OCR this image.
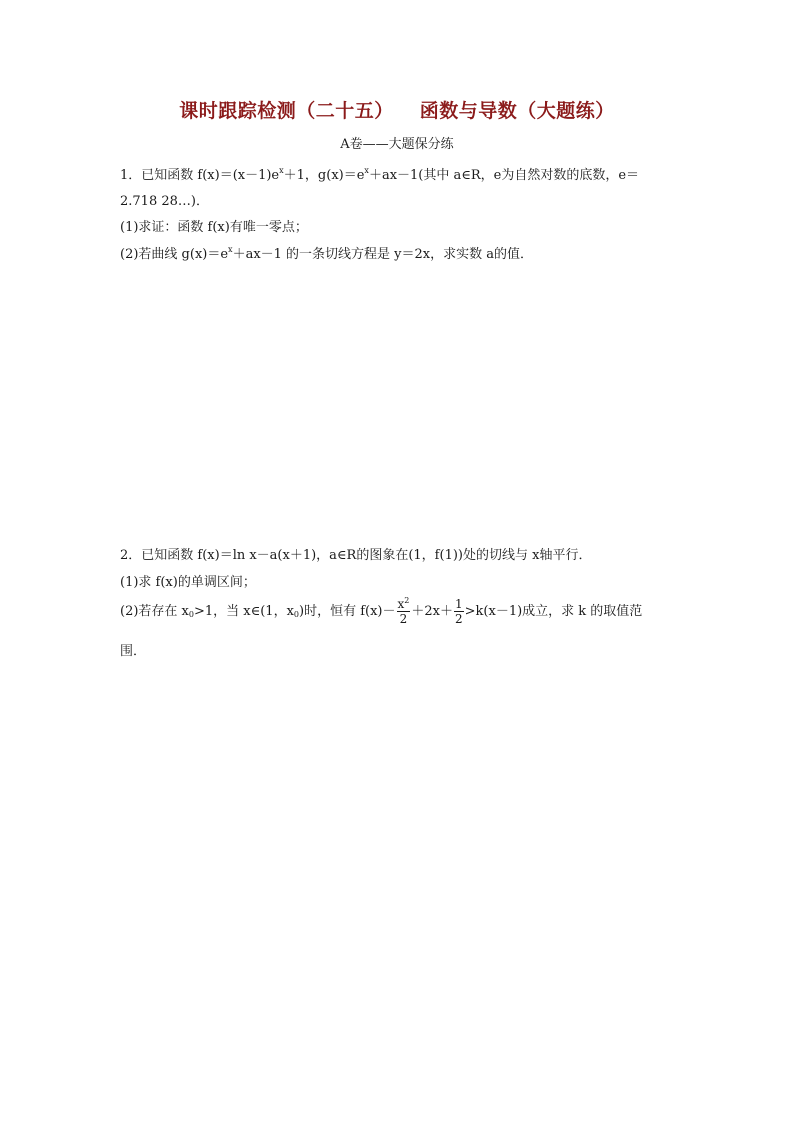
课时跟踪检测（二十五） 函数与导数（大题练）
A卷——大题保分练
1．已知函数 $f(x)=(x-1)e^x+1$，$g(x)=e^x+ax-1$(其中 a∈R，e为自然对数的底数，e＝
2.718 28…)．
(1)求证：函数 f(x)有唯一零点；
(2)若曲线 $g(x)=e^x+ax-1$ 的一条切线方程是 y＝2x，求实数 a的值．
2．已知函数 f(x)＝ln x－a(x＋1)，a∈R的图象在(1，f(1))处的切线与 x轴平行．
(1)求 f(x)的单调区间；
(2)若存在 $x_0>1$，当 x∈(1，$x_0$)时，恒有 $f(x)- \frac{x^2}{2} +2x+ \frac{1}{2} >k(x-1)$成立，求 k 的取值范
围．
